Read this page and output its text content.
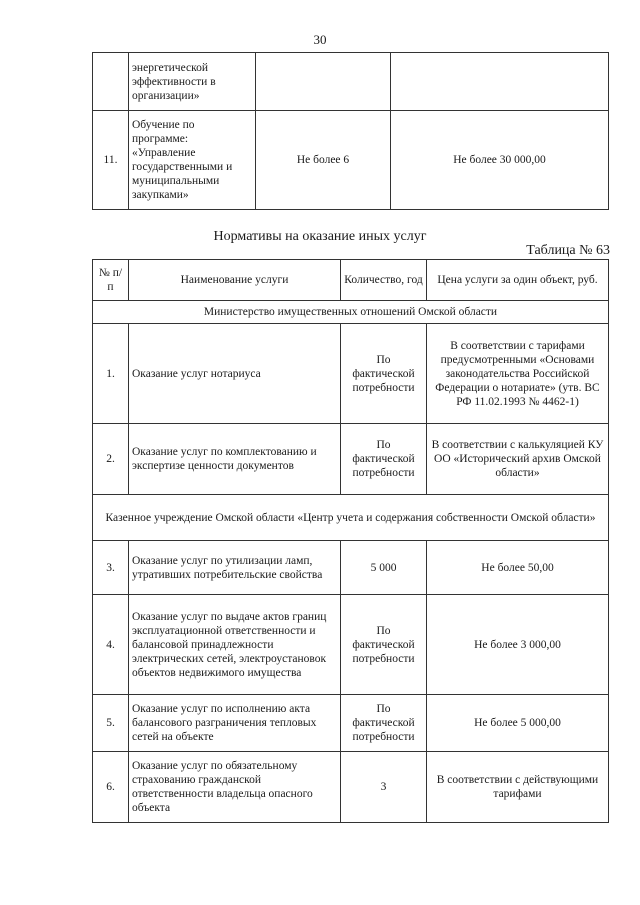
30
	энергетической эффективности в организации»		
11.	Обучение по программе: «Управление государственными и муниципальными закупками»	Не более 6	Не более 30 000,00
Нормативы на оказание иных услуг
Таблица № 63
№ п/п	Наименование услуги	Количество, год	Цена услуги за один объект, руб.
Министерство имущественных отношений Омской области			
1.	Оказание услуг нотариуса	По фактической потребности	В соответствии с тарифами предусмотренными «Основами законодательства Российской Федерации о нотариате» (утв. ВС РФ 11.02.1993 № 4462-1)
2.	Оказание услуг по комплектованию и экспертизе ценности документов	По фактической потребности	В соответствии с калькуляцией КУ ОО «Исторический архив Омской области»
Казенное учреждение Омской области «Центр учета и содержания собственности Омской области»			
3.	Оказание услуг по утилизации ламп, утративших потребительские свойства	5 000	Не более 50,00
4.	Оказание услуг по выдаче актов границ эксплуатационной ответственности и балансовой принадлежности электрических сетей, электроустановок объектов недвижимого имущества	По фактической потребности	Не более 3 000,00
5.	Оказание услуг по исполнению акта балансового разграничения тепловых сетей на объекте	По фактической потребности	Не более 5 000,00
6.	Оказание услуг по обязательному страхованию гражданской ответственности владельца опасного объекта	3	В соответствии с действующими тарифами
